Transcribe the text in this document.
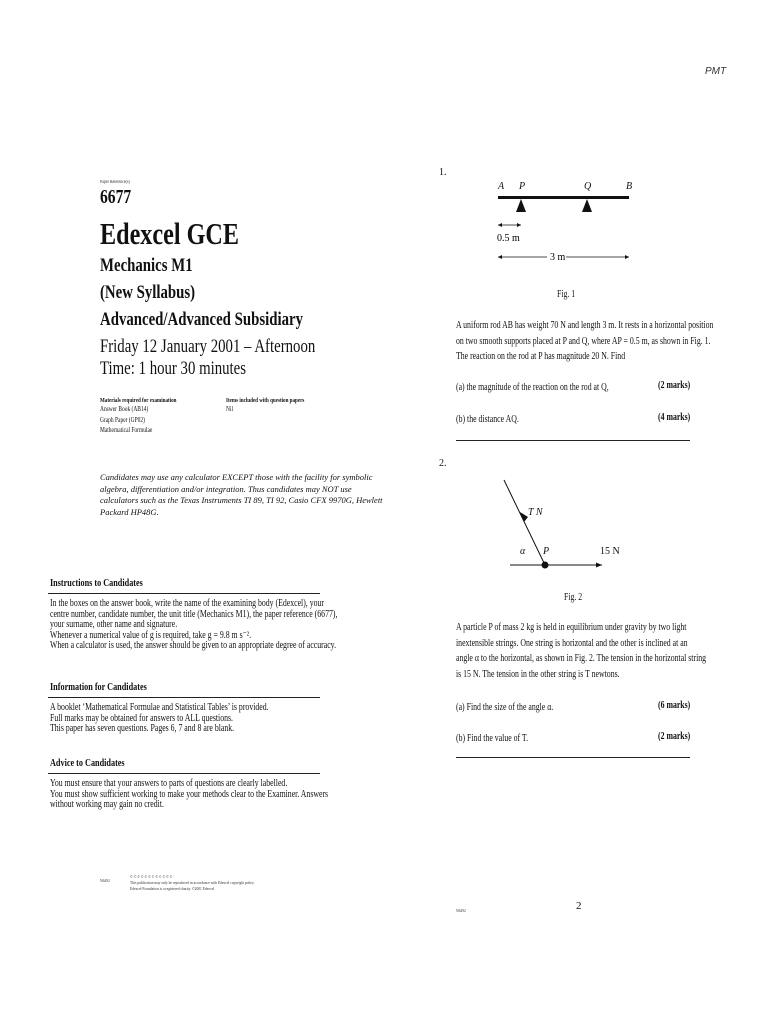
PMT
Paper Reference(s)
6677
Edexcel GCE
Mechanics M1
(New Syllabus)
Advanced/Advanced Subsidiary
Friday 12 January 2001 – Afternoon
Time: 1 hour 30 minutes
Materials required for examination
Answer Book (AB14)
Graph Paper (GP02)
Mathematical Formulae
Items included with question papers
Nil
Candidates may use any calculator EXCEPT those with the facility for symbolic algebra, differentiation and/or integration. Thus candidates may NOT use calculators such as the Texas Instruments TI 89, TI 92, Casio CFX 9970G, Hewlett Packard HP48G.
Instructions to Candidates
In the boxes on the answer book, write the name of the examining body (Edexcel), your
centre number, candidate number, the unit title (Mechanics M1), the paper reference (6677),
your surname, other name and signature.
Whenever a numerical value of g is required, take g = 9.8 m s⁻².
When a calculator is used, the answer should be given to an appropriate degree of accuracy.
Information for Candidates
A booklet ‘Mathematical Formulae and Statistical Tables’ is provided.
Full marks may be obtained for answers to ALL questions.
This paper has seven questions. Pages 6, 7 and 8 are blank.
Advice to Candidates
You must ensure that your answers to parts of questions are clearly labelled.
You must show sufficient working to make your methods clear to the Examiner. Answers
without working may gain no credit.
N6492
© © © © © © © © © © © ©
This publication may only be reproduced in accordance with Edexcel copyright policy.
Edexcel Foundation is a registered charity. ©2001 Edexcel
1.
A P	Q	B
0.5 m
3 m
Fig. 1
A uniform rod AB has weight 70 N and length 3 m. It rests in a horizontal position
on two smooth supports placed at P and Q, where AP = 0.5 m, as shown in Fig. 1.
The reaction on the rod at P has magnitude 20 N. Find
(a) the magnitude of the reaction on the rod at Q,	(2 marks)
(b) the distance AQ.	(4 marks)
2.
T N
α P	15 N
Fig. 2
A particle P of mass 2 kg is held in equilibrium under gravity by two light
inextensible strings. One string is horizontal and the other is inclined at an
angle α to the horizontal, as shown in Fig. 2. The tension in the horizontal string
is 15 N. The tension in the other string is T newtons.
(a) Find the size of the angle α.	(6 marks)
(b) Find the value of T.	(2 marks)
N6492	2
